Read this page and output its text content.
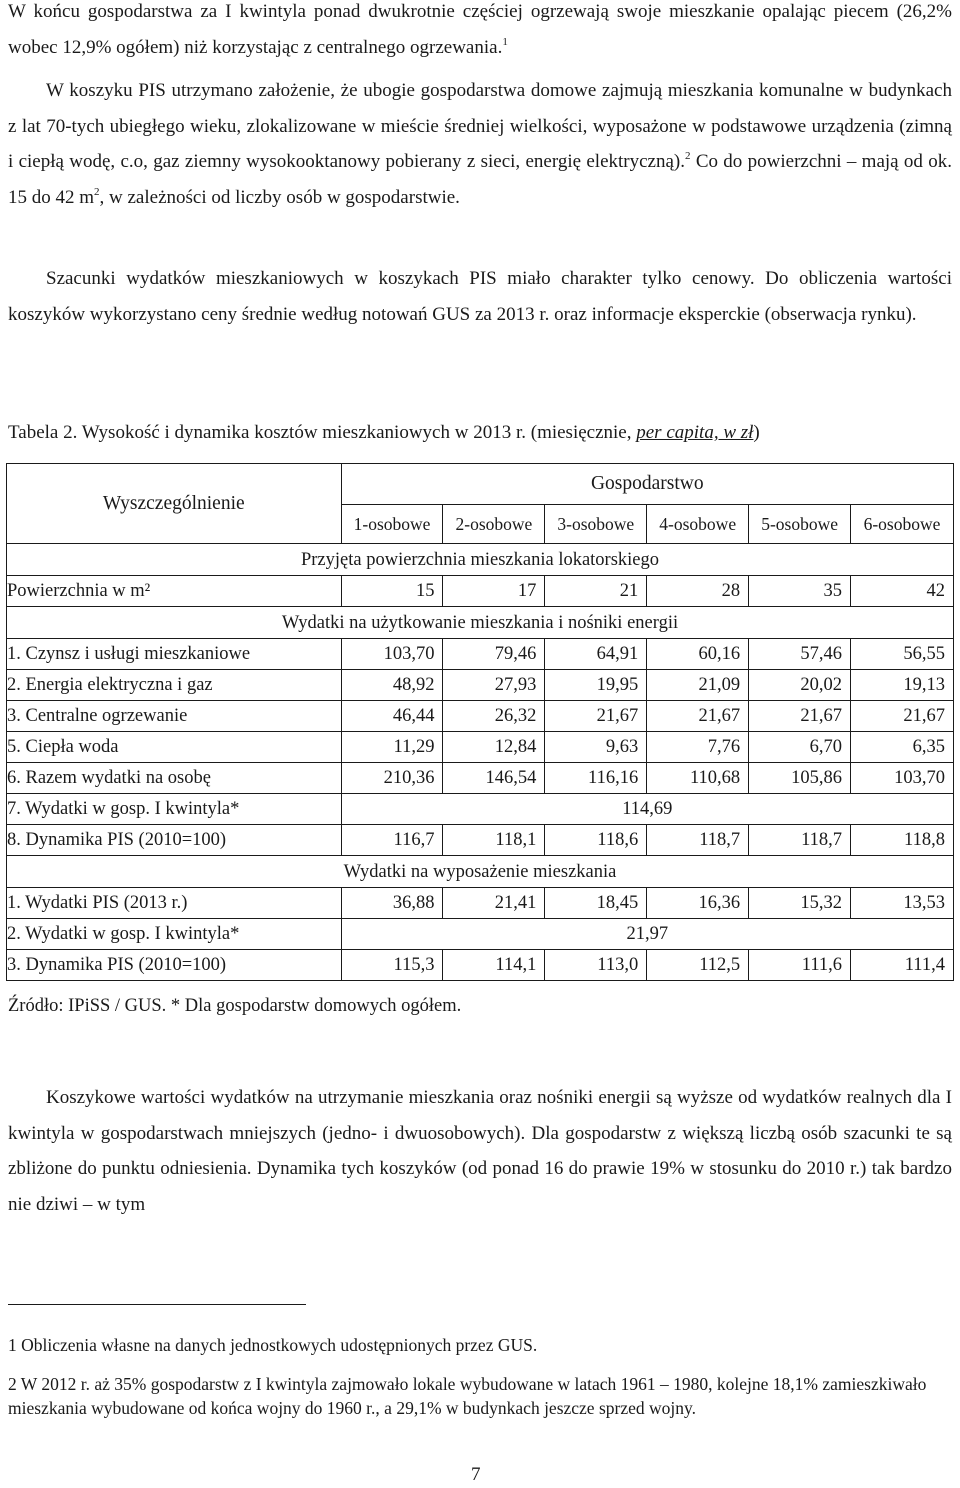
W końcu gospodarstwa za I kwintyla ponad dwukrotnie częściej ogrzewają swoje mieszkanie opalając piecem (26,2% wobec 12,9% ogółem) niż korzystając z centralnego ogrzewania.$^1$

W koszyku PIS utrzymano założenie, że ubogie gospodarstwa domowe zajmują mieszkania komunalne w budynkach z lat 70-tych ubiegłego wieku, zlokalizowane w mieście średniej wielkości, wyposażone w podstawowe urządzenia (zimną i ciepłą wodę, c.o, gaz ziemny wysokooktanowy pobierany z sieci, energię elektryczną).$^2$ Co do powierzchni – mają od ok. 15 do 42 $m^2$, w zależności od liczby osób w gospodarstwie.

Szacunki wydatków mieszkaniowych w koszykach PIS miało charakter tylko cenowy. Do obliczenia wartości koszyków wykorzystano ceny średnie według notowań GUS za 2013 r. oraz informacje eksperckie (obserwacja rynku).

Tabela 2. Wysokość i dynamika kosztów mieszkaniowych w 2013 r. (miesięcznie, per capita, w zł)
Wyszczególnienie	Gospodarstwo					
	1-osobowe	2-osobowe	3-osobowe	4-osobowe	5-osobowe	6-osobowe
Przyjęta powierzchnia mieszkania lokatorskiego						
Powierzchnia w m²	15	17	21	28	35	42
Wydatki na użytkowanie mieszkania i nośniki energii						
1. Czynsz i usługi mieszkaniowe	103,70	79,46	64,91	60,16	57,46	56,55
2. Energia elektryczna i gaz	48,92	27,93	19,95	21,09	20,02	19,13
3. Centralne ogrzewanie	46,44	26,32	21,67	21,67	21,67	21,67
5. Ciepła woda	11,29	12,84	9,63	7,76	6,70	6,35
6. Razem wydatki na osobę	210,36	146,54	116,16	110,68	105,86	103,70
7. Wydatki w gosp. I kwintyla*	114,69					
8. Dynamika PIS (2010=100)	116,7	118,1	118,6	118,7	118,7	118,8
Wydatki na wyposażenie mieszkania						
1. Wydatki PIS (2013 r.)	36,88	21,41	18,45	16,36	15,32	13,53
2. Wydatki w gosp. I kwintyla*	21,97					
3. Dynamika PIS (2010=100)	115,3	114,1	113,0	112,5	111,6	111,4
Źródło: IPiSS / GUS. * Dla gospodarstw domowych ogółem.

Koszykowe wartości wydatków na utrzymanie mieszkania oraz nośniki energii są wyższe od wydatków realnych dla I kwintyla w gospodarstwach mniejszych (jedno- i dwuosobowych). Dla gospodarstw z większą liczbą osób szacunki te są zbliżone do punktu odniesienia. Dynamika tych koszyków (od ponad 16 do prawie 19% w stosunku do 2010 r.) tak bardzo nie dziwi – w tym

1 Obliczenia własne na danych jednostkowych udostępnionych przez GUS.
2 W 2012 r. aż 35% gospodarstw z I kwintyla zajmowało lokale wybudowane w latach 1961 – 1980, kolejne 18,1% zamieszkiwało mieszkania wybudowane od końca wojny do 1960 r., a 29,1% w budynkach jeszcze sprzed wojny.
7
